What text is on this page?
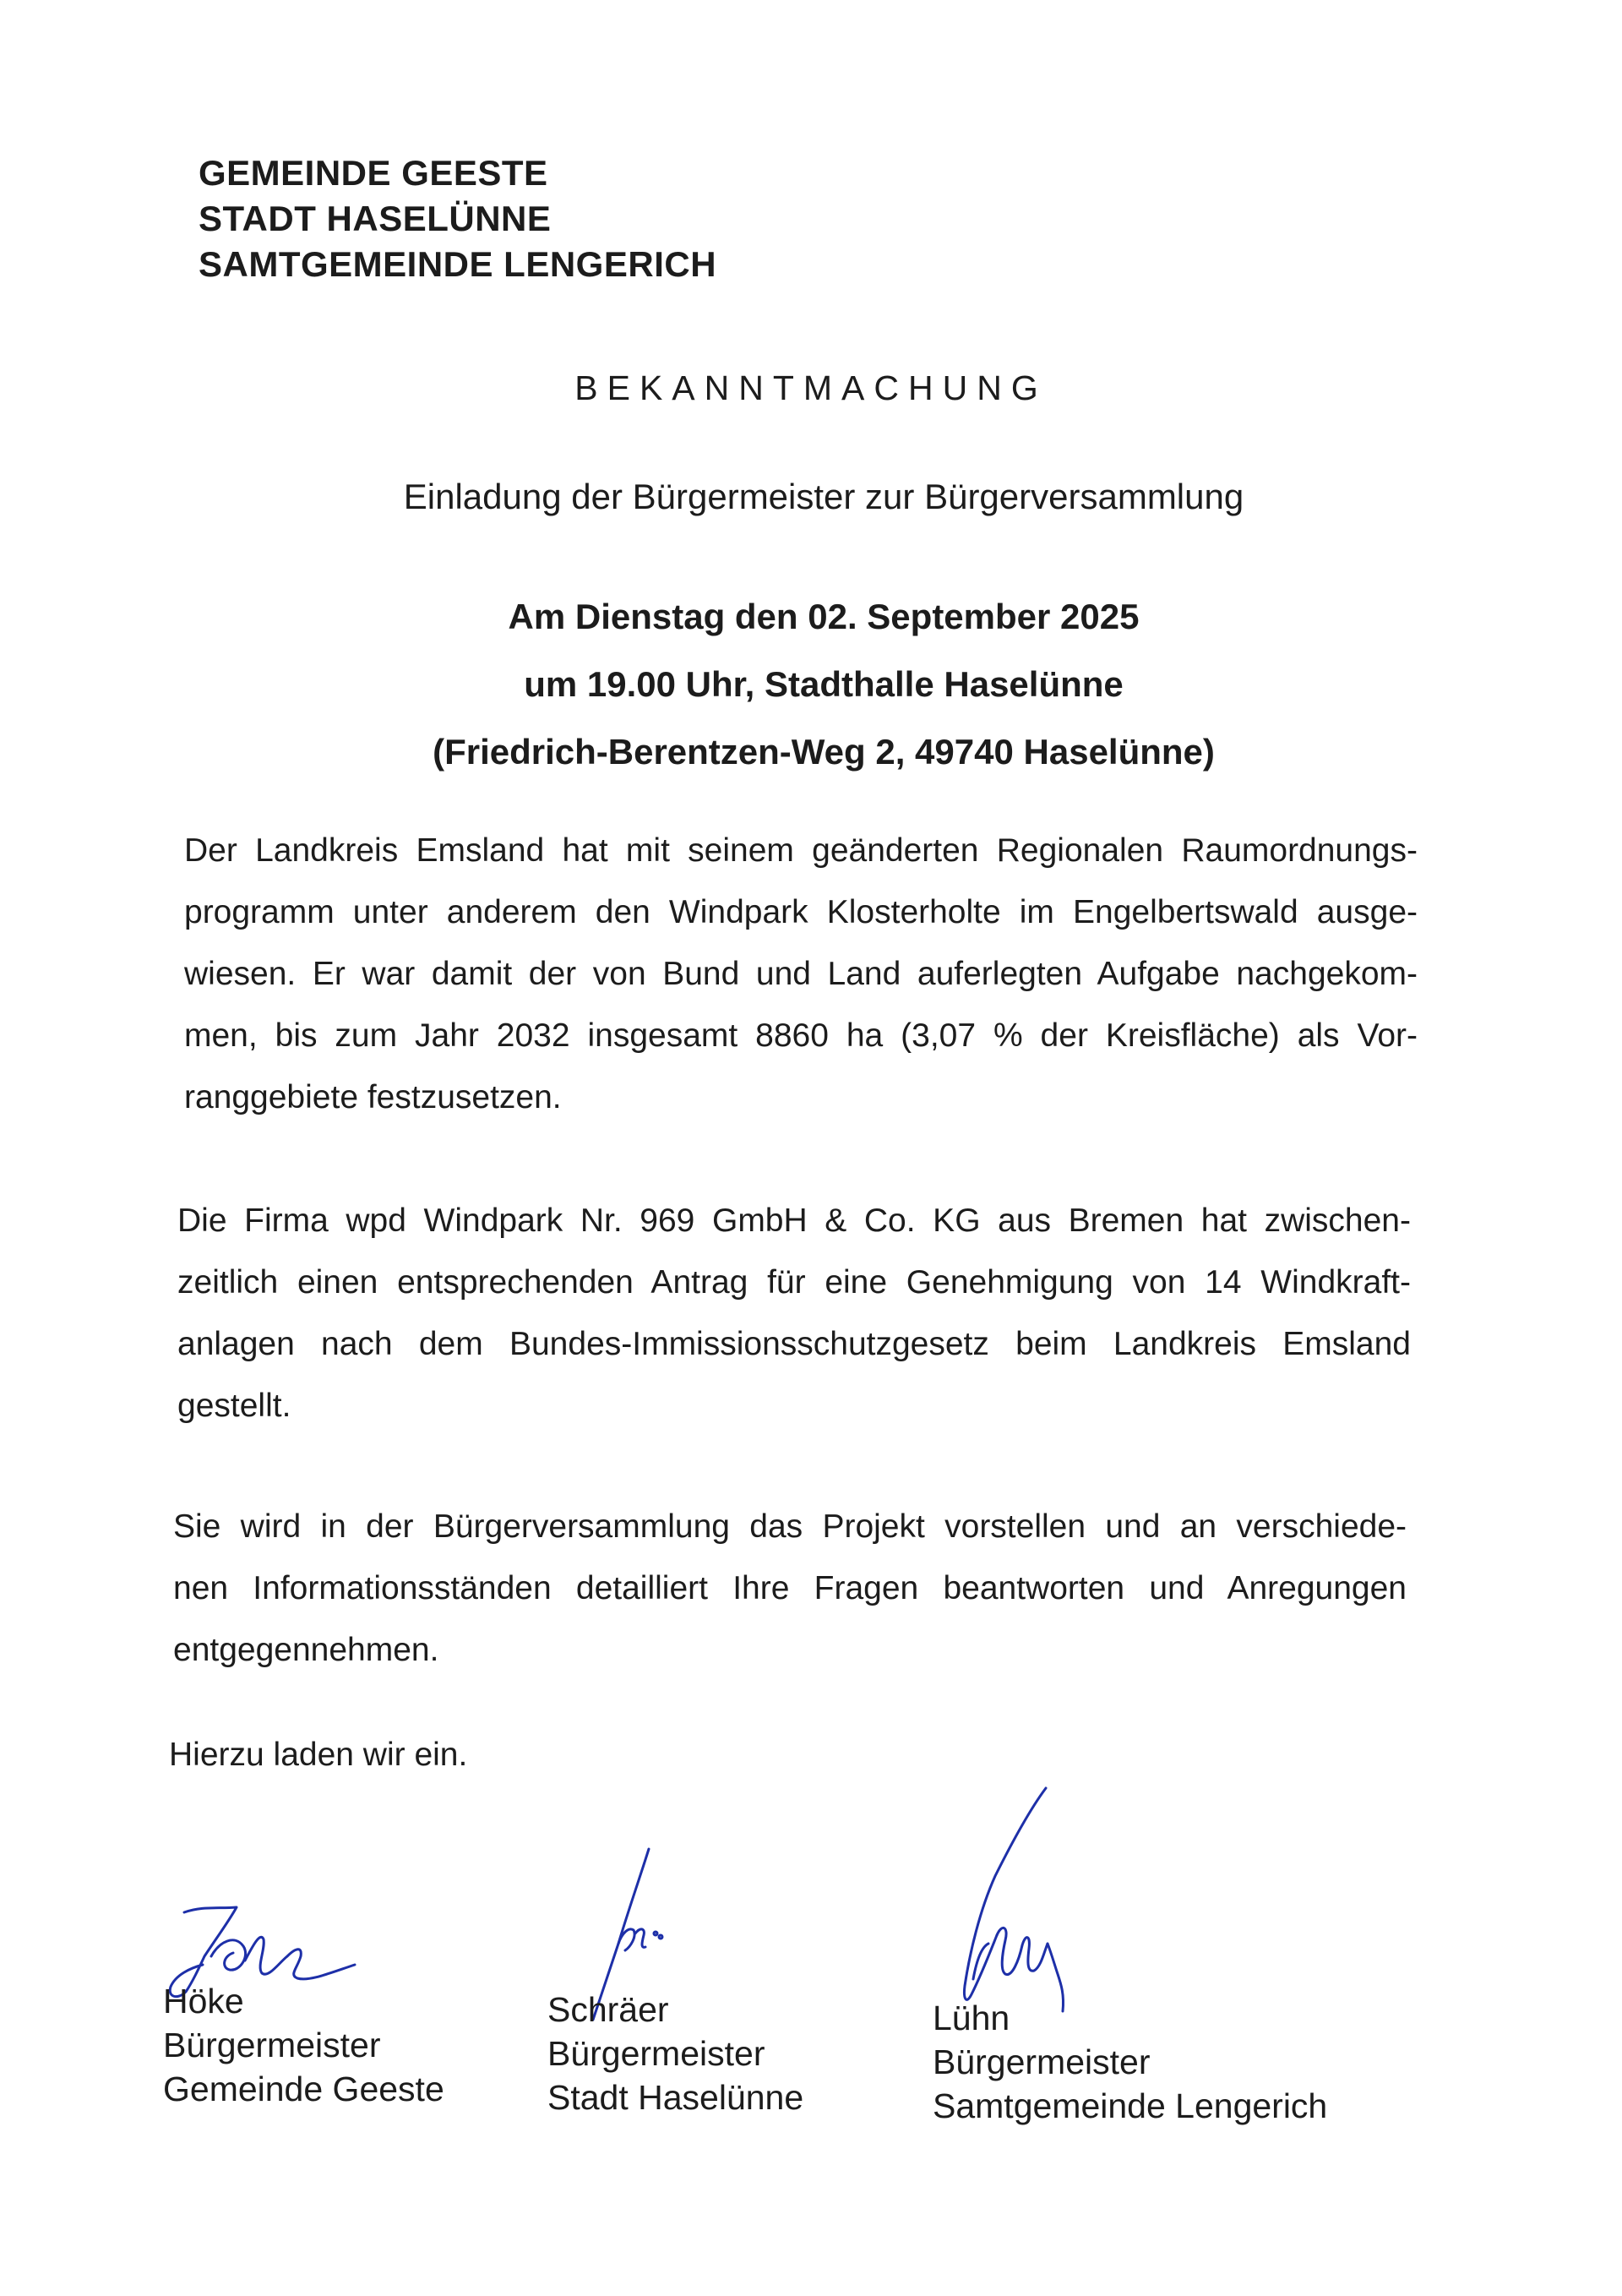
GEMEINDE GEESTE
STADT HASELÜNNE
SAMTGEMEINDE LENGERICH
BEKANNTMACHUNG
Einladung der Bürgermeister zur Bürgerversammlung
Am Dienstag den 02. September 2025
um 19.00 Uhr, Stadthalle Haselünne
(Friedrich-Berentzen-Weg 2, 49740 Haselünne)
Der Landkreis Emsland hat mit seinem geänderten Regionalen Raumordnungs-
programm unter anderem den Windpark Klosterholte im Engelbertswald ausge-
wiesen. Er war damit der von Bund und Land auferlegten Aufgabe nachgekom-
men, bis zum Jahr 2032 insgesamt 8860 ha (3,07 % der Kreisfläche) als Vor-
ranggebiete festzusetzen.
Die Firma wpd Windpark Nr. 969 GmbH & Co. KG aus Bremen hat zwischen-
zeitlich einen entsprechenden Antrag für eine Genehmigung von 14 Windkraft-
anlagen nach dem Bundes-Immissionsschutzgesetz beim Landkreis Emsland
gestellt.
Sie wird in der Bürgerversammlung das Projekt vorstellen und an verschiede-
nen Informationsständen detailliert Ihre Fragen beantworten und Anregungen
entgegennehmen.
Hierzu laden wir ein.
Höke
Bürgermeister
Gemeinde Geeste
Schräer
Bürgermeister
Stadt Haselünne
Lühn
Bürgermeister
Samtgemeinde Lengerich
